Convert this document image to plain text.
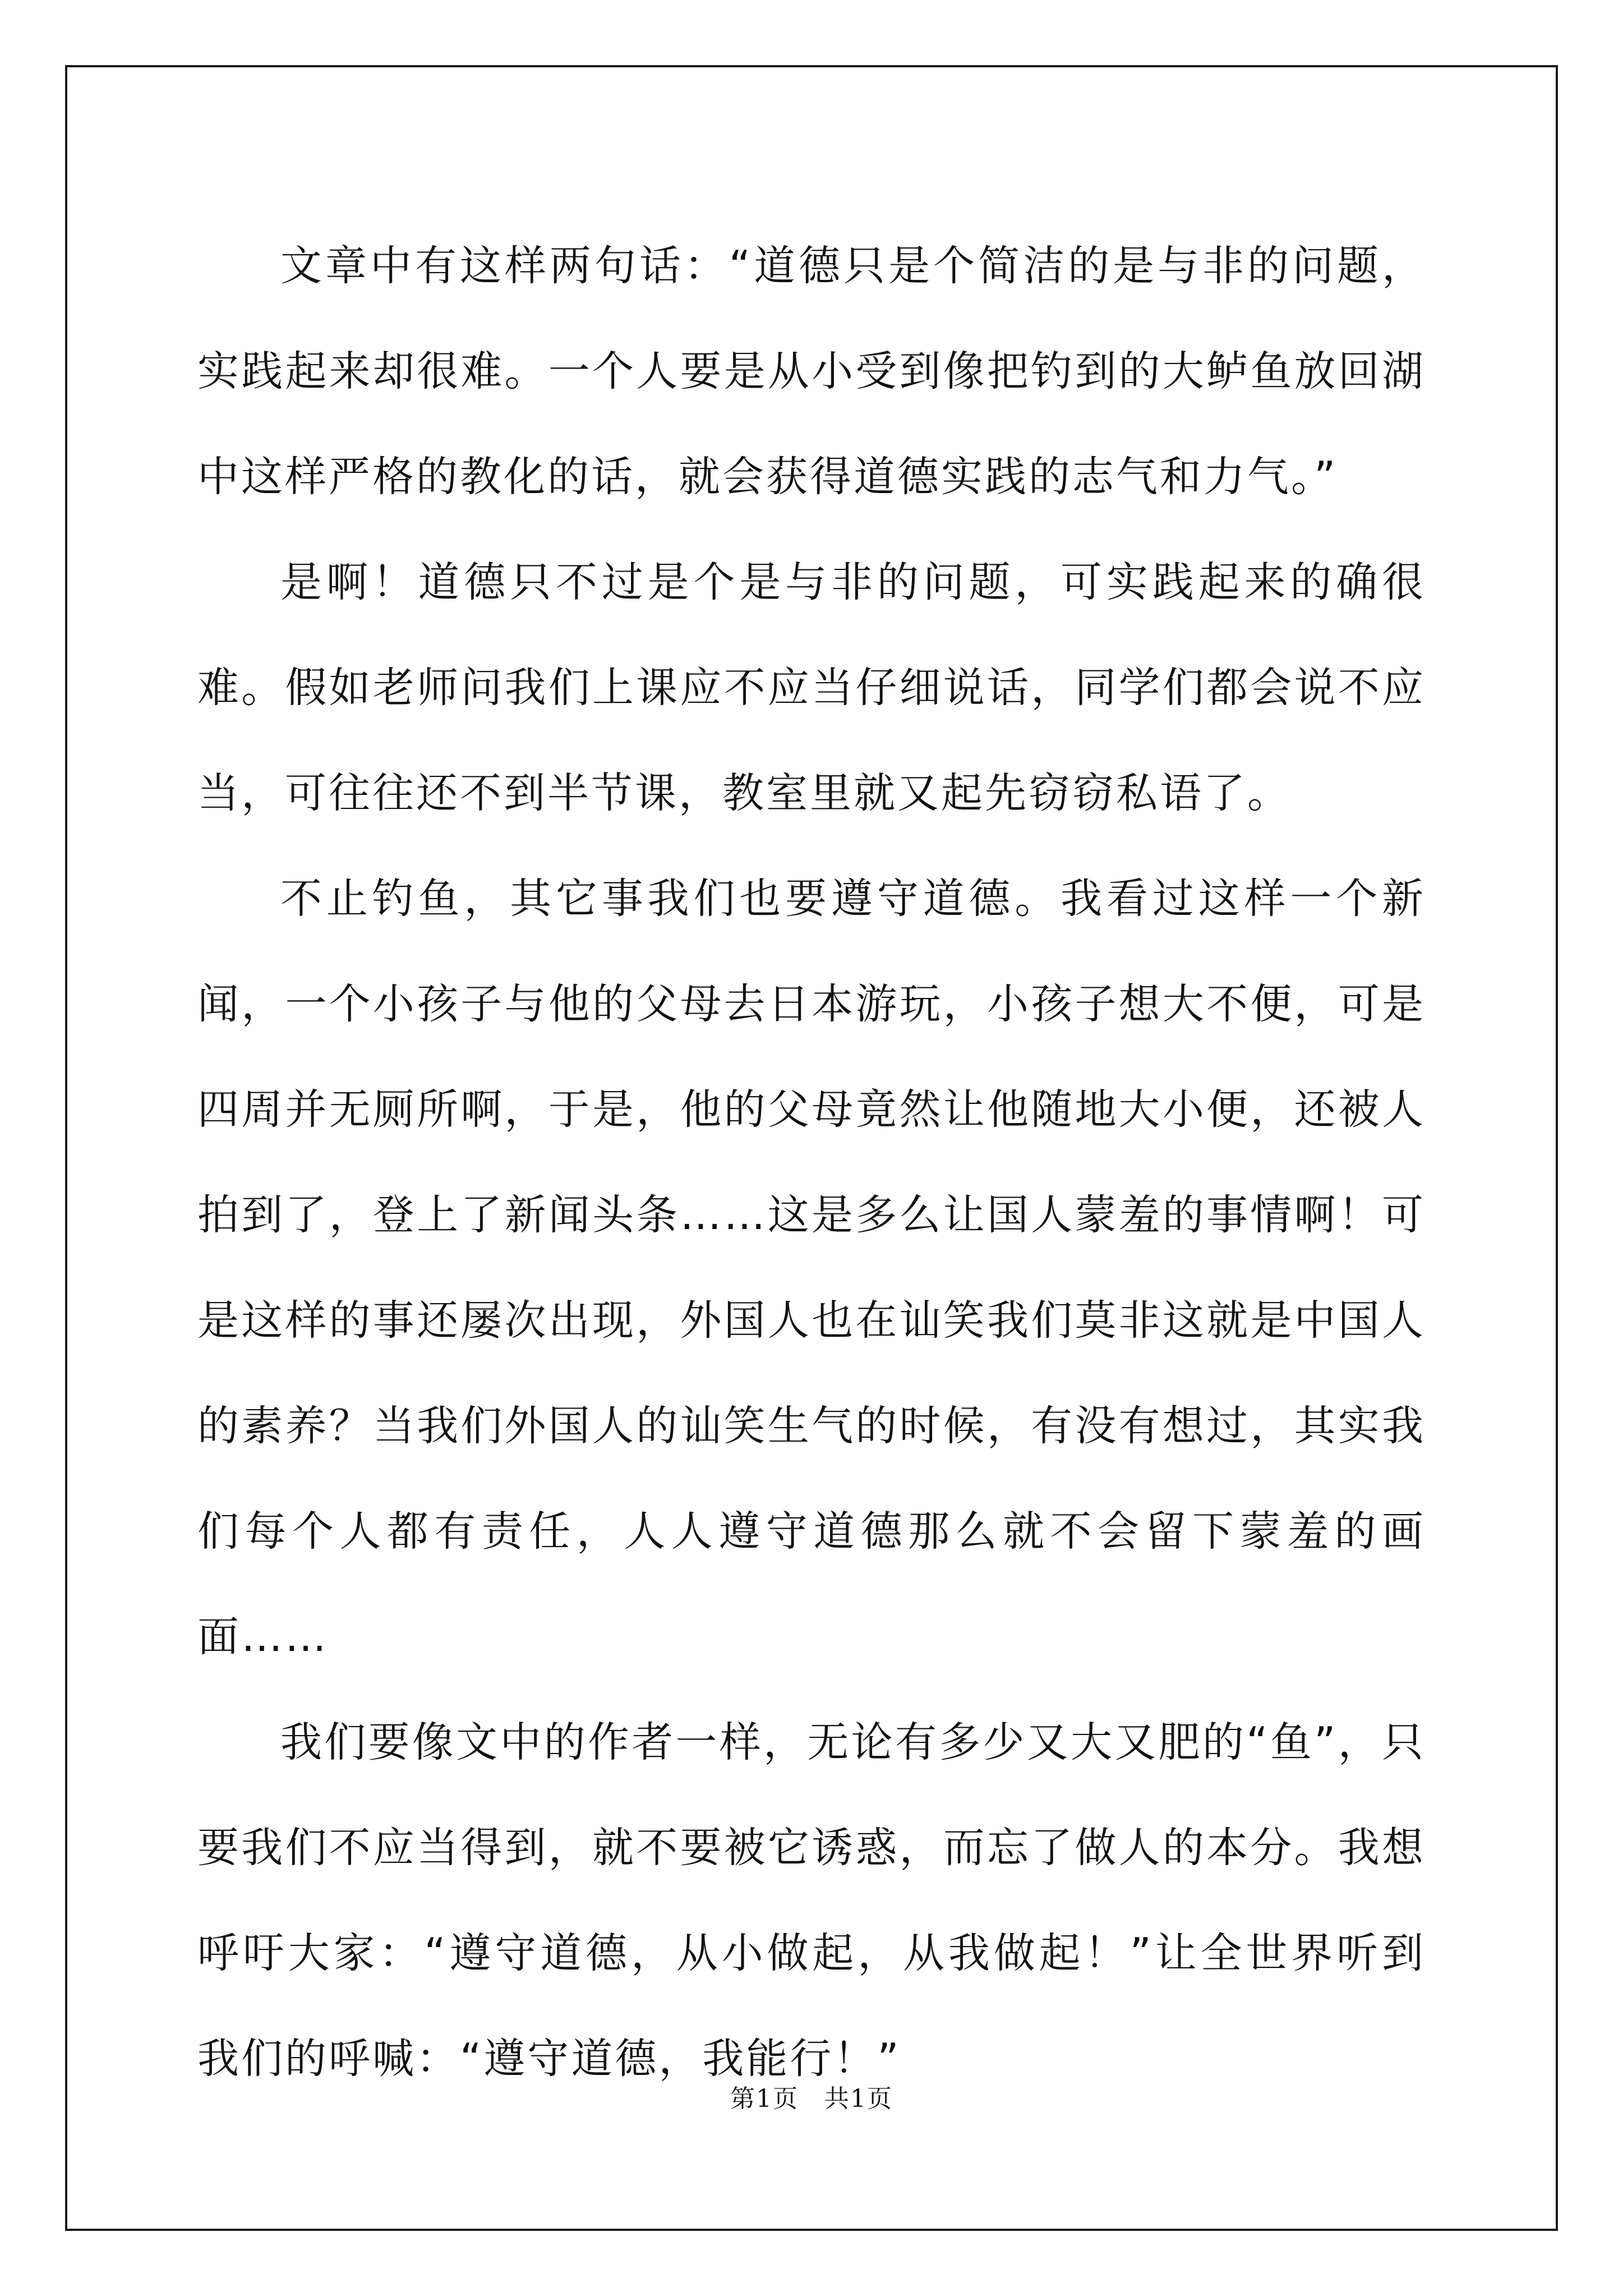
文章中有这样两句话：“道德只是个简洁的是与非的问题，实践起来却很难。一个人要是从小受到像把钓到的大鲈鱼放回湖中这样严格的教化的话，就会获得道德实践的志气和力气。”

是啊！道德只不过是个是与非的问题，可实践起来的确很难。假如老师问我们上课应不应当仔细说话，同学们都会说不应当，可往往还不到半节课，教室里就又起先窃窃私语了。

不止钓鱼，其它事我们也要遵守道德。我看过这样一个新闻，一个小孩子与他的父母去日本游玩，小孩子想大不便，可是四周并无厕所啊，于是，他的父母竟然让他随地大小便，还被人拍到了，登上了新闻头条……这是多么让国人蒙羞的事情啊！可是这样的事还屡次出现，外国人也在讪笑我们莫非这就是中国人的素养？当我们外国人的讪笑生气的时候，有没有想过，其实我们每个人都有责任，人人遵守道德那么就不会留下蒙羞的画面……

我们要像文中的作者一样，无论有多少又大又肥的“鱼”，只要我们不应当得到，就不要被它诱惑，而忘了做人的本分。我想呼吁大家：“遵守道德，从小做起，从我做起！”让全世界听到我们的呼喊：“遵守道德，我能行！”

第1页　共1页
